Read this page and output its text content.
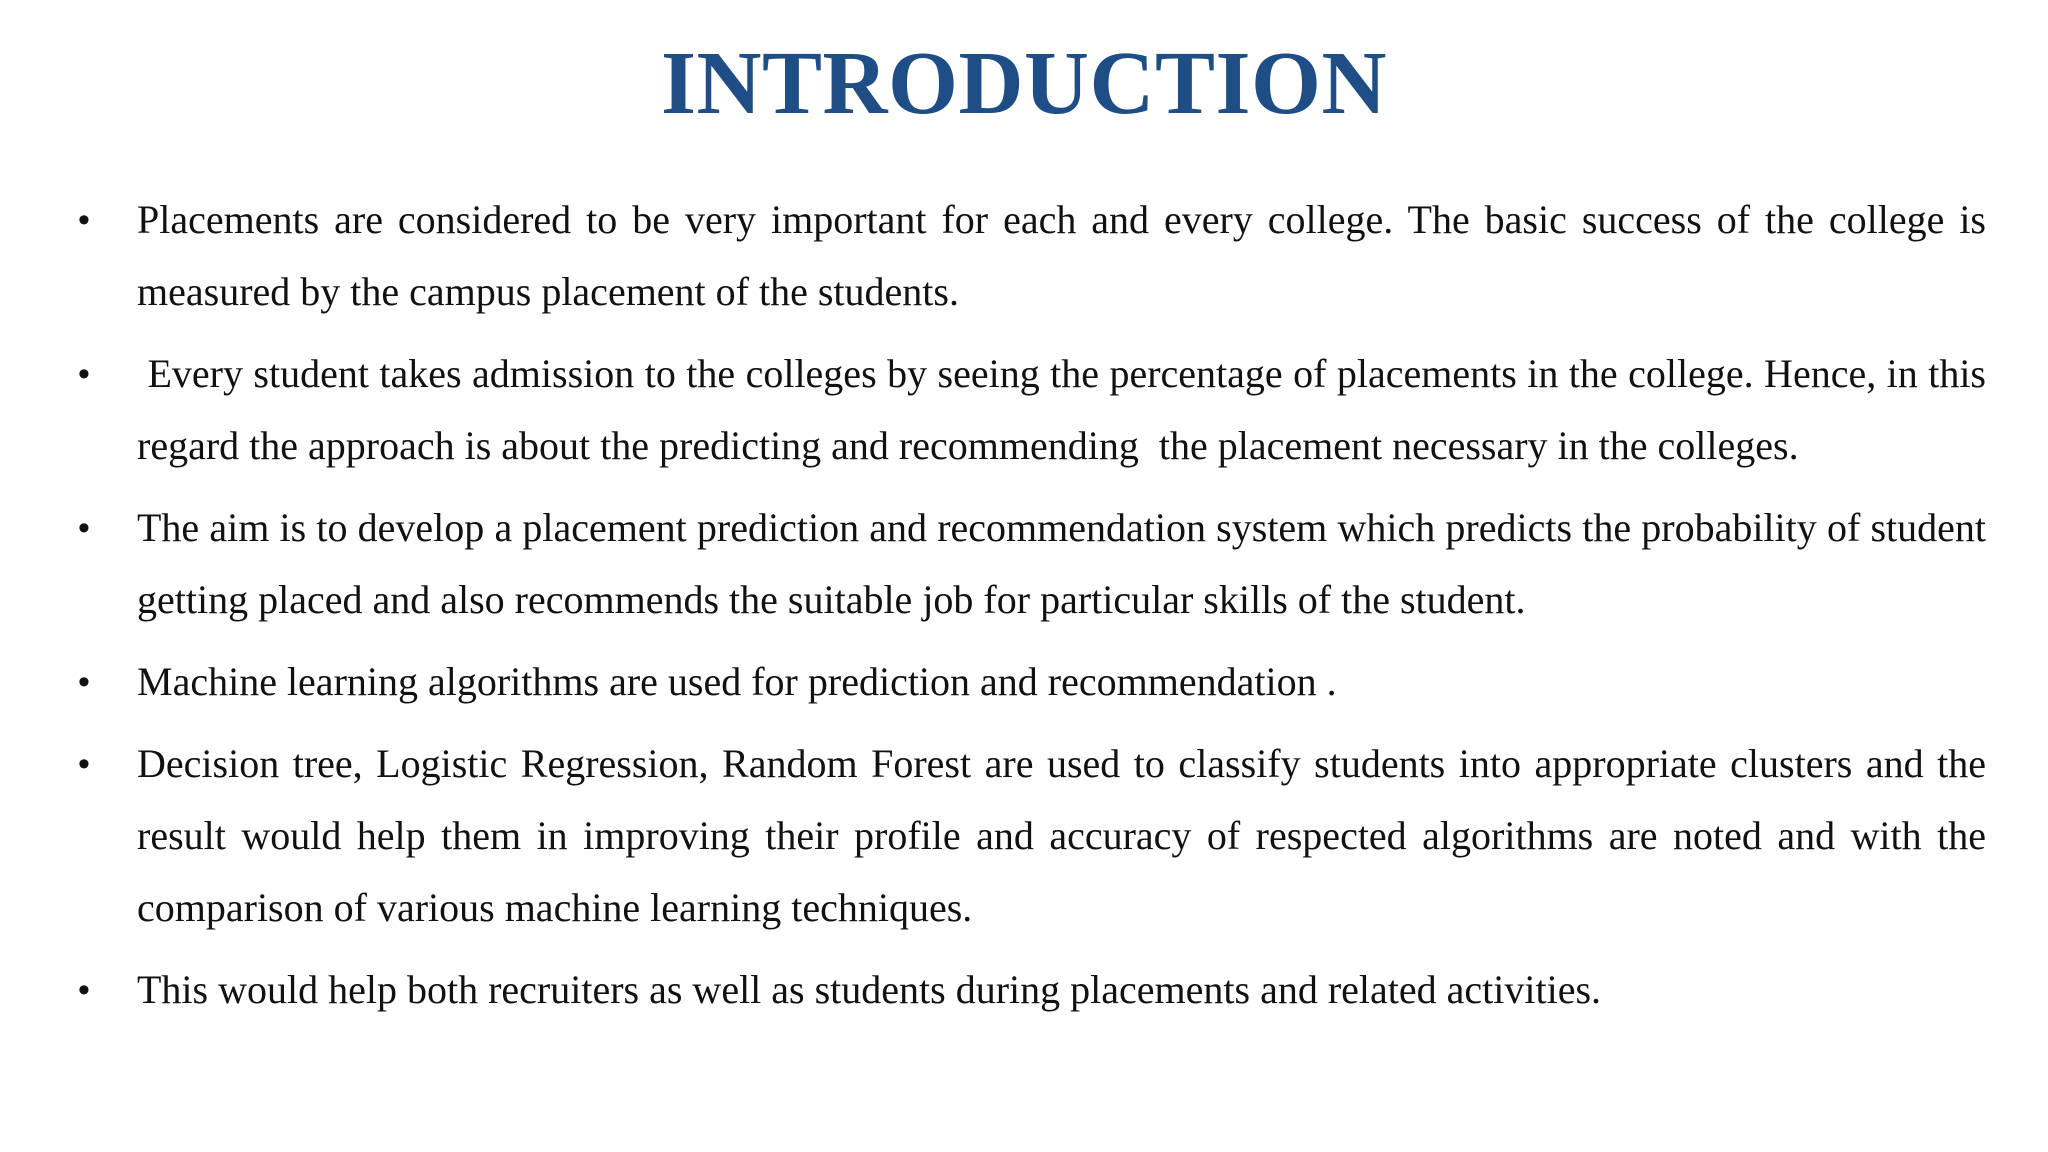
INTRODUCTION
• Placements are considered to be very important for each and every college. The basic success of the college is measured by the campus placement of the students.
• Every student takes admission to the colleges by seeing the percentage of placements in the college. Hence, in this regard the approach is about the predicting and recommending  the placement necessary in the colleges.
• The aim is to develop a placement prediction and recommendation system which predicts the probability of student getting placed and also recommends the suitable job for particular skills of the student.
• Machine learning algorithms are used for prediction and recommendation .
• Decision tree, Logistic Regression, Random Forest are used to classify students into appropriate clusters and the result would help them in improving their profile and accuracy of respected algorithms are noted and with the comparison of various machine learning techniques.
• This would help both recruiters as well as students during placements and related activities.
